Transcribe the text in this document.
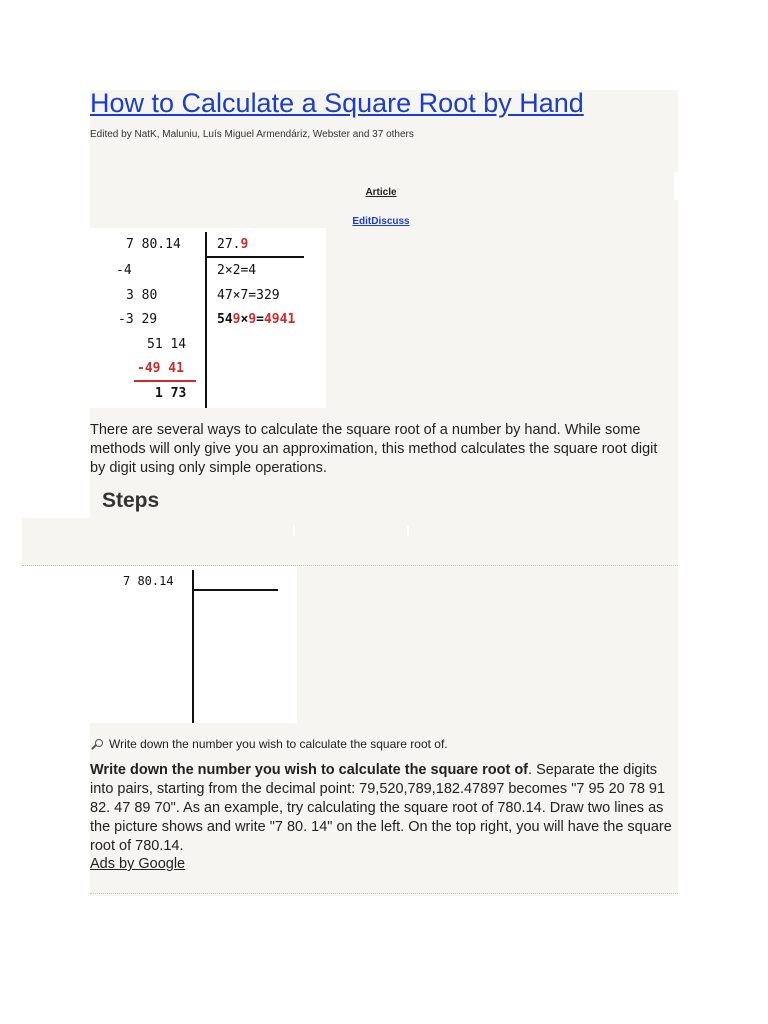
How to Calculate a Square Root by Hand
Edited by NatK, Maluniu, Luís Miguel Armendáriz, Webster and 37 others
Article
EditDiscuss
7 80.14
-4
3 80
-3 29
51 14
-49 41
1 73
27.9
2×2=4
47×7=329
549×9=4941
There are several ways to calculate the square root of a number by hand. While some methods will only give you an approximation, this method calculates the square root digit by digit using only simple operations.
Steps
7 80.14
Write down the number you wish to calculate the square root of.
Write down the number you wish to calculate the square root of. Separate the digits into pairs, starting from the decimal point: 79,520,789,182.47897 becomes "7 95 20 78 91 82. 47 89 70". As an example, try calculating the square root of 780.14. Draw two lines as the picture shows and write "7 80. 14" on the left. On the top right, you will have the square root of 780.14.
Ads by Google
